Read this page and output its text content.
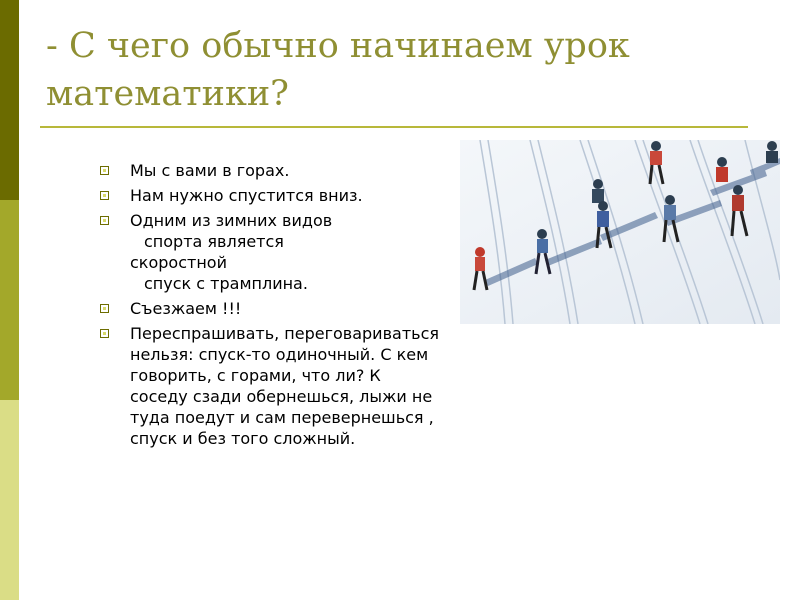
- С чего обычно начинаем урок математики?
Мы с вами в горах.
Нам нужно спустится вниз.
Одним из зимних видов
спорта является
скоростной
спуск с трамплина.
Съезжаем !!!
Переспрашивать, переговариваться нельзя: спуск-то одиночный. С кем говорить, с горами, что ли? К соседу сзади обернешься, лыжи не туда поедут и сам перевернешься , спуск и без того сложный.
